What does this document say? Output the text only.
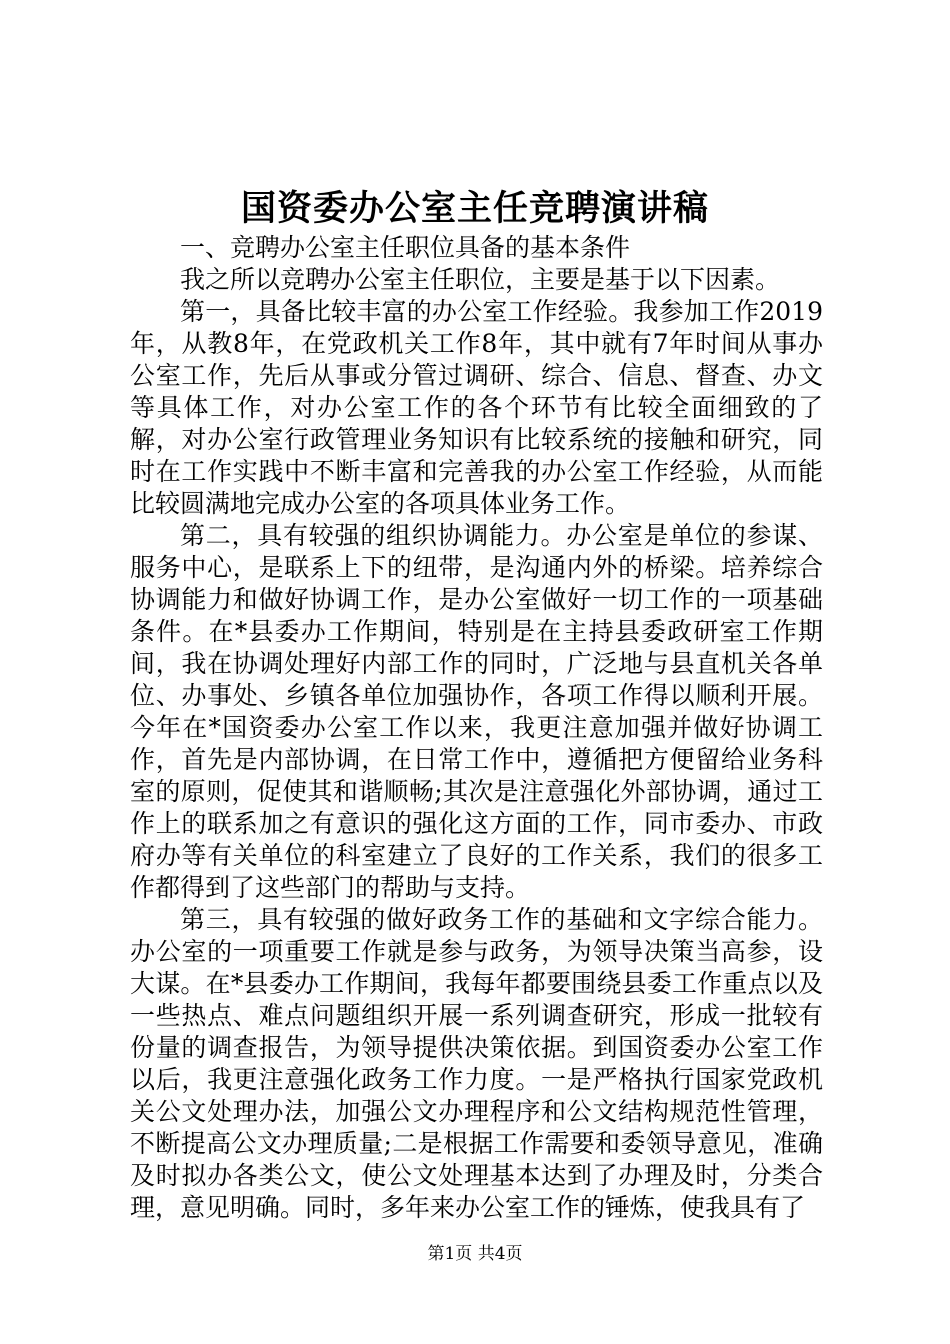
国资委办公室主任竞聘演讲稿

一、竞聘办公室主任职位具备的基本条件

我之所以竞聘办公室主任职位，主要是基于以下因素。

第一，具备比较丰富的办公室工作经验。我参加工作2019年，从教8年，在党政机关工作8年，其中就有7年时间从事办公室工作，先后从事或分管过调研、综合、信息、督查、办文等具体工作，对办公室工作的各个环节有比较全面细致的了解，对办公室行政管理业务知识有比较系统的接触和研究，同时在工作实践中不断丰富和完善我的办公室工作经验，从而能比较圆满地完成办公室的各项具体业务工作。

第二，具有较强的组织协调能力。办公室是单位的参谋、服务中心，是联系上下的纽带，是沟通内外的桥梁。培养综合协调能力和做好协调工作，是办公室做好一切工作的一项基础条件。在*县委办工作期间，特别是在主持县委政研室工作期间，我在协调处理好内部工作的同时，广泛地与县直机关各单位、办事处、乡镇各单位加强协作，各项工作得以顺利开展。今年在*国资委办公室工作以来，我更注意加强并做好协调工作，首先是内部协调，在日常工作中，遵循把方便留给业务科室的原则，促使其和谐顺畅;其次是注意强化外部协调，通过工作上的联系加之有意识的强化这方面的工作，同市委办、市政府办等有关单位的科室建立了良好的工作关系，我们的很多工作都得到了这些部门的帮助与支持。

第三，具有较强的做好政务工作的基础和文字综合能力。办公室的一项重要工作就是参与政务，为领导决策当高参，设大谋。在*县委办工作期间，我每年都要围绕县委工作重点以及一些热点、难点问题组织开展一系列调查研究，形成一批较有份量的调查报告，为领导提供决策依据。到国资委办公室工作以后，我更注意强化政务工作力度。一是严格执行国家党政机关公文处理办法，加强公文办理程序和公文结构规范性管理，不断提高公文办理质量;二是根据工作需要和委领导意见，准确及时拟办各类公文，使公文处理基本达到了办理及时，分类合理，意见明确。同时，多年来办公室工作的锤炼，使我具有了

第1页 共4页
